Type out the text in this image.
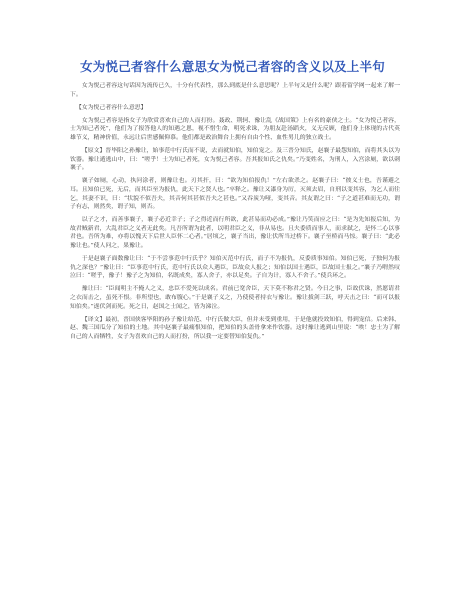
女为悦己者容什么意思女为悦己者容的含义以及上半句

女为悦己者容这句话因为流传已久，十分有代表性，那么到底是什么意思呢？上半句又是什么呢？跟着留学网一起来了解一下。

【女为悦己者容什么意思】

女为悦己者容是指女子为欣赏喜欢自己的人而打扮。聂政、荆轲、豫让乱《战国策》上有名的豪侠之士。“女为悦己者容，士为知己者死”，他们为了报答他人的知遇之恩，视不惜生命，明死求诛，为朋友赴汤蹈火，义无反顾，他们身上体现的古代英雄节义，精神价值，永远让后世感佩仰慕。他们都是政治舞台上拥有自由个性、血性男儿的独立战士。

【原文】晋毕阳之孙豫让，始事范中行氏而不说，去而就知伯，知伯宠之。及三晋分知氏，赵襄子最怨知伯，而将其头以为饮器。豫让遁逃山中，曰：“嗟乎！士为知己者死，女为悦己者容。吾其报知氏之仇矣。”乃变姓名，为刑人，入宫涂厕，欲以刺襄子。

襄子如厕，心动，执问涂者，则豫让也。刃其扞，曰：“欲为知伯报仇！”左右欲杀之。赵襄子曰：“彼义士也，吾谨避之耳。且知伯已死，无后，而其臣至为报仇，此天下之贤人也。”卒释之。豫让又漆身为厉，灭须去眉，自刑以变其容，为乞人而往乞，其妻不识，曰：“状貌不似吾夫，其音何其甚似吾夫之甚也。”又吞炭为哑，变其音。其友谓之曰：“子之道甚难而无功，谓子有志，则然矣，谓子知，则否。

以子之才，而善事襄子，襄子必近幸子；子之得近而行所欲，此甚易而功必成。”豫让乃笑而应之曰：“是为先知报后知，为故君贼新君，大乱君臣之义者无此矣。凡吾所谓为此者，以明君臣之义，非从易也。且夫委质而事人，而求弑之，是怀二心以事君也。吾所为难，亦将以愧天下后世人臣怀二心者。”居顷之，襄子当出，豫让伏所当过桥下。襄子至桥而马惊。襄子曰：“此必豫让也。”使人问之，果豫让。

于是赵襄子面数豫让曰：“于不尝事范中行氏乎？知伯灭范中行氏，而子不为报仇，反委质事知伯。知伯已死，子独何为报仇之深也？”豫让曰：“臣事范中行氏，范中行氏以众人遇臣，臣故众人报之；知伯以国士遇臣，臣故国士报之。”襄子乃喟然叹泣曰：“嗟乎，豫子！豫子之为知伯，名既成矣，寡人舍子，亦以足矣。子自为计，寡人不舍子。”使兵环之。

豫让曰：“臣闻明主不掩人之义，忠臣不爱死以成名。君前已宽舍臣，天下莫不称君之贤。今日之事，臣故伏诛，然愿请君之衣而击之，虽死不恨。非所望也，敢布腹心。”于是襄子义之，乃使使者持衣与豫让。豫让拔剑三跃，呼天击之曰：“而可以报知伯矣。”遂伏剑而死。死之日，赵国之士闻之，皆为涕泣。

【译文】最初，晋国侠客毕阳的孙子豫让给范、中行氏做大臣，但并未受到重用，于是他就投效知伯，得到宠信。后来韩、赵、魏三国瓜分了知伯的土地。其中赵襄子最痛恨知伯，把知伯的头盖骨拿来作饮器。这时豫让逃到山里说：“唉！忠士为了解自己的人而牺牲，女子为喜欢自己的人而打扮，所以我一定要替知伯复仇。”
